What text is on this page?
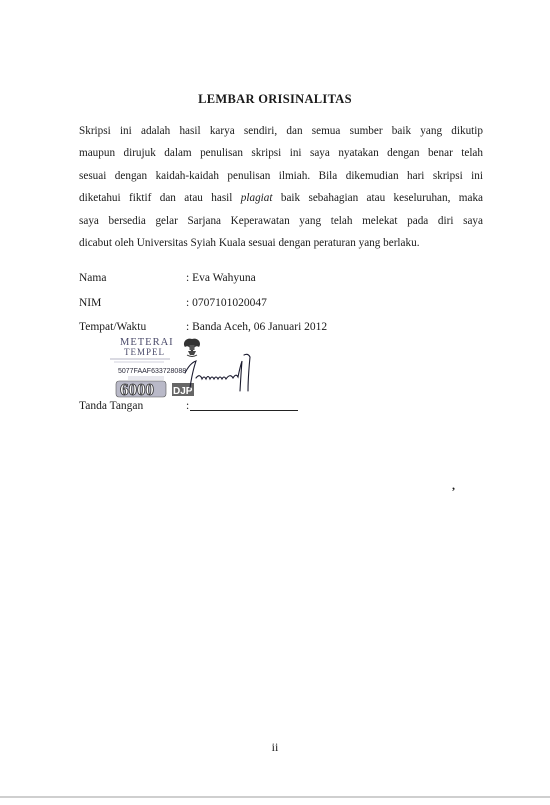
LEMBAR ORISINALITAS
Skripsi ini adalah hasil karya sendiri, dan semua sumber baik yang dikutip
maupun dirujuk dalam penulisan skripsi ini saya nyatakan dengan benar telah
sesuai dengan kaidah-kaidah penulisan ilmiah. Bila dikemudian hari skripsi ini
diketahui fiktif dan atau hasil plagiat baik sebahagian atau keseluruhan, maka
saya bersedia gelar Sarjana Keperawatan yang telah melekat pada diri saya
dicabut oleh Universitas Syiah Kuala sesuai dengan peraturan yang berlaku.
Nama	: Eva Wahyuna
NIM	: 0707101020047
Tempat/Waktu	: Banda Aceh, 06 Januari 2012
METERAI
TEMPEL
5077FAAF633728088
6000 DJP
Tanda Tangan	:
,
ii
